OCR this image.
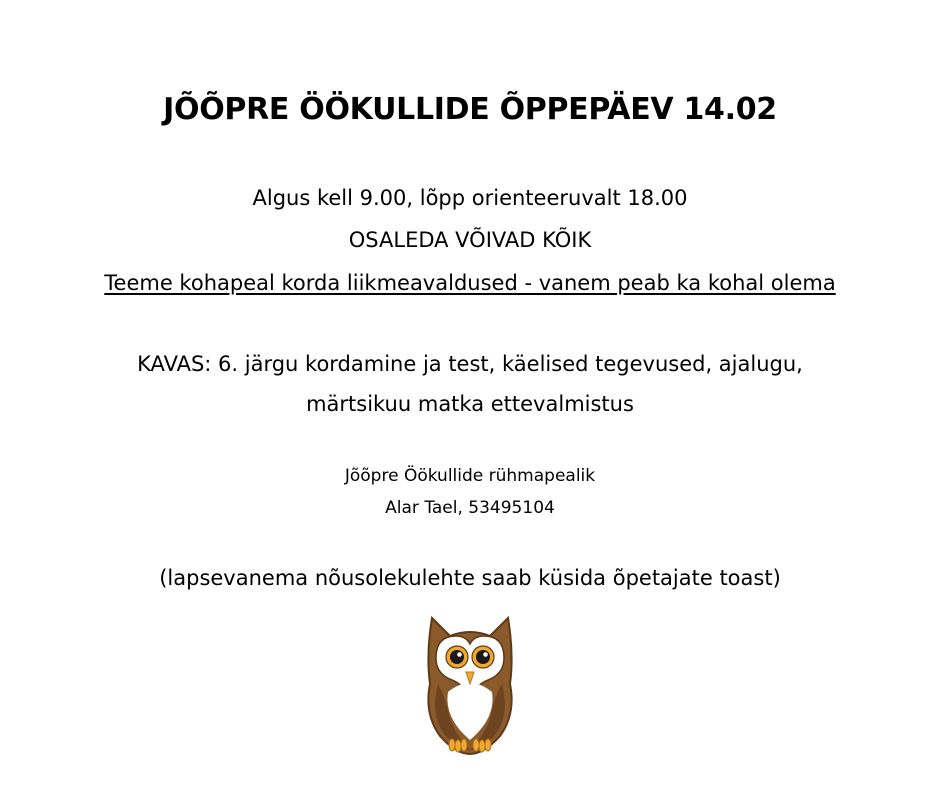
JÕÕPRE ÖÖKULLIDE ÕPPEPÄEV 14.02
Algus kell 9.00, lõpp orienteeruvalt 18.00
OSALEDA VÕIVAD KÕIK
Teeme kohapeal korda liikmeavaldused - vanem peab ka kohal olema
KAVAS: 6. järgu kordamine ja test, käelised tegevused, ajalugu,
märtsikuu matka ettevalmistus
Jõõpre Öökullide rühmapealik
Alar Tael, 53495104
(lapsevanema nõusolekulehte saab küsida õpetajate toast)
